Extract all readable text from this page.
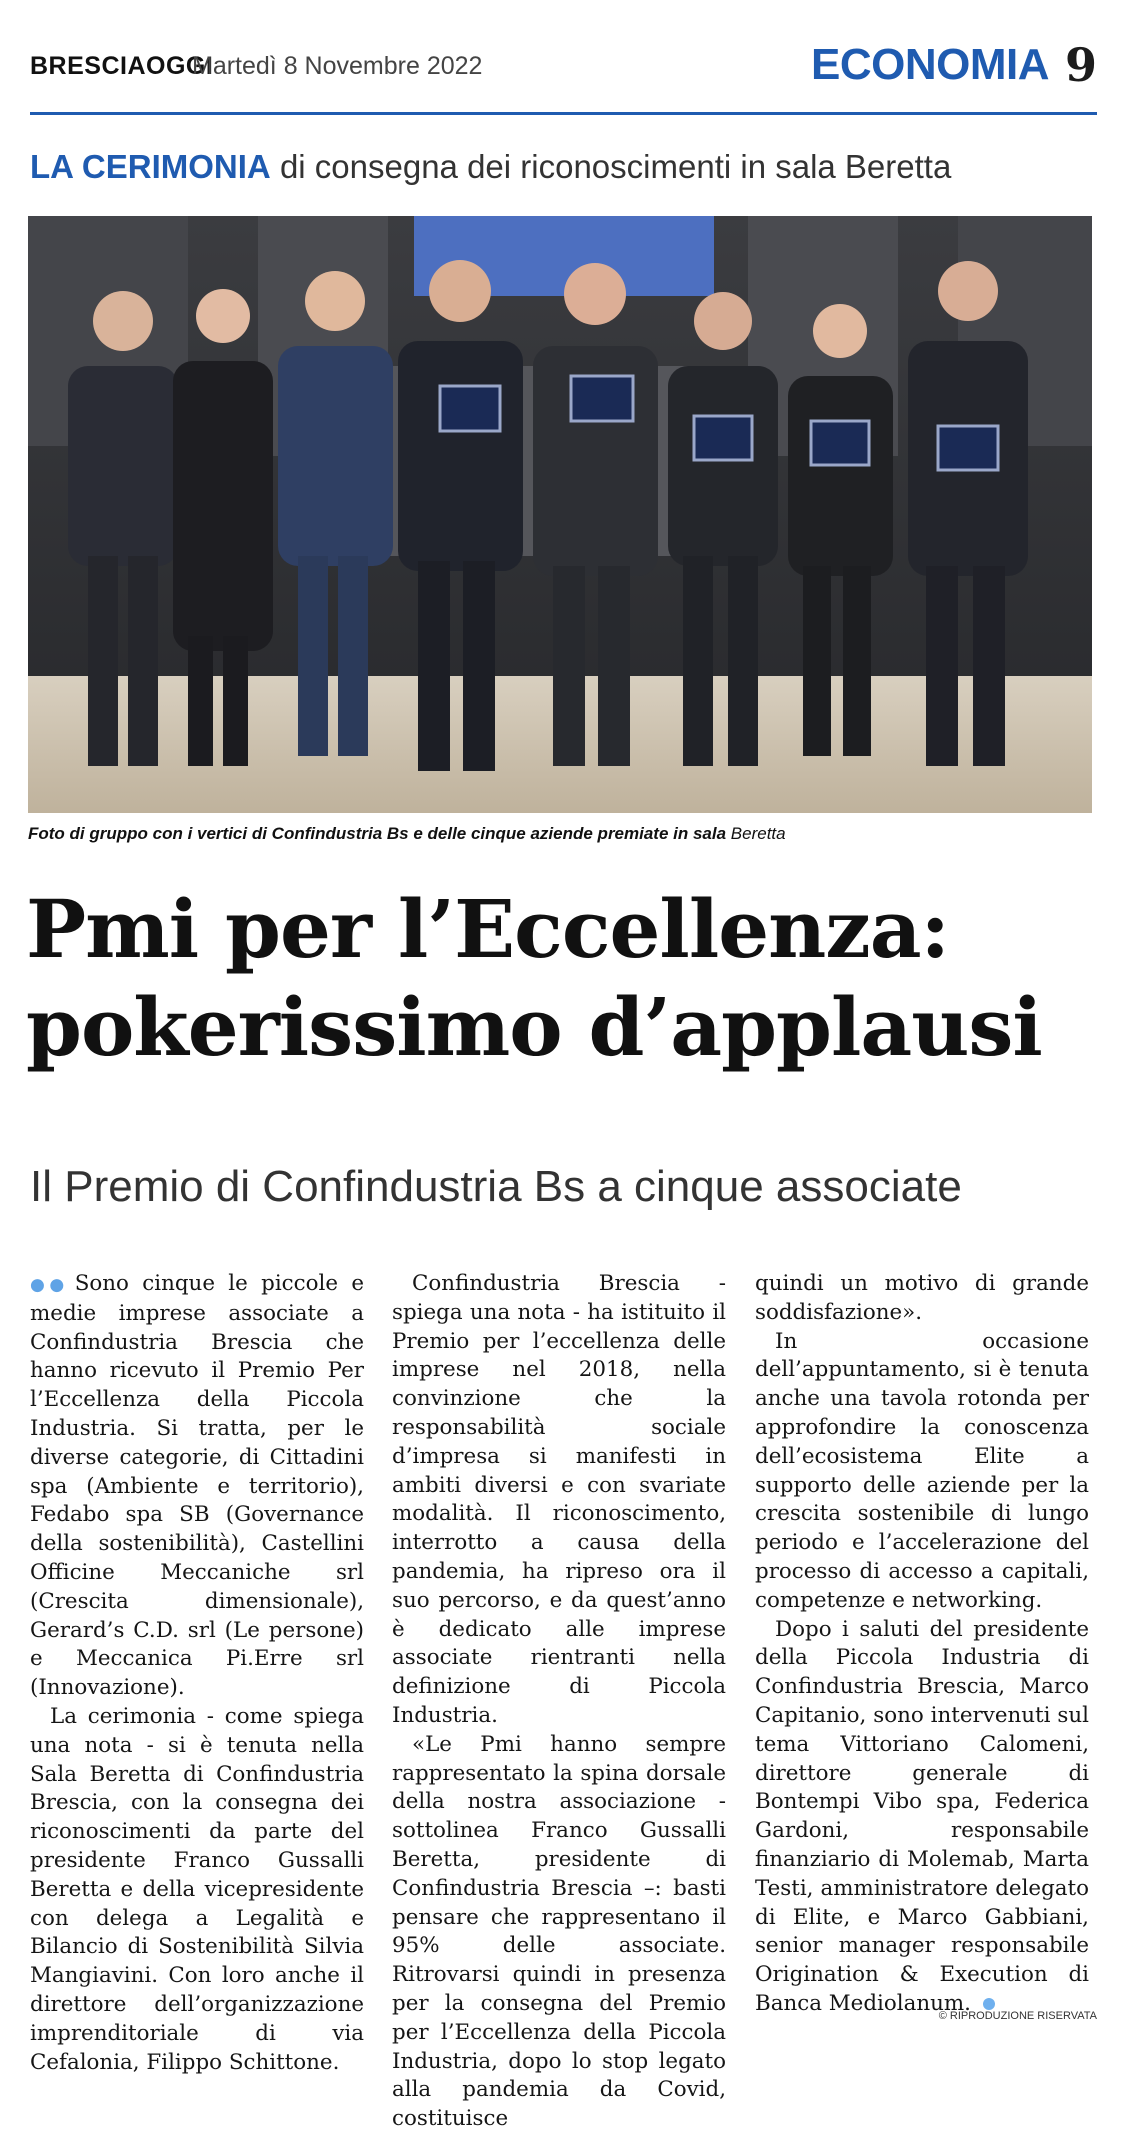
BRESCIAOGGI
Martedì 8 Novembre 2022	ECONOMIA 9
LA CERIMONIA di consegna dei riconoscimenti in sala Beretta
Foto di gruppo con i vertici di Confindustria Bs e delle cinque aziende premiate in sala Beretta
Pmi per l’Eccellenza:
pokerissimo d’applausi
Il Premio di Confindustria Bs a cinque associate

●● Sono cinque le piccole e medie imprese associate a Confindustria Brescia che hanno ricevuto il Premio Per l’Eccellenza della Piccola Industria. Si tratta, per le diverse categorie, di Cittadini spa (Ambiente e territorio), Fedabo spa SB (Governance della sostenibilità), Castellini Officine Meccaniche srl (Crescita dimensionale), Gerard’s C.D. srl (Le persone) e Meccanica Pi.Erre srl (Innovazione).

La cerimonia - come spiega una nota - si è tenuta nella Sala Beretta di Confindustria Brescia, con la consegna dei riconoscimenti da parte del presidente Franco Gussalli Beretta e della vicepresidente con delega a Legalità e Bilancio di Sostenibilità Silvia Mangiavini. Con loro anche il direttore dell’organizzazione imprenditoriale di via Cefalonia, Filippo Schittone.

Confindustria Brescia - spiega una nota - ha istituito il Premio per l’eccellenza delle imprese nel 2018, nella convinzione che la responsabilità sociale d’impresa si manifesti in ambiti diversi e con svariate modalità. Il riconoscimento, interrotto a causa della pandemia, ha ripreso ora il suo percorso, e da quest’anno è dedicato alle imprese associate rientranti nella definizione di Piccola Industria.

«Le Pmi hanno sempre rappresentato la spina dorsale della nostra associazione - sottolinea Franco Gussalli Beretta, presidente di Confindustria Brescia –: basti pensare che rappresentano il 95% delle associate. Ritrovarsi quindi in presenza per la consegna del Premio per l’Eccellenza della Piccola Industria, dopo lo stop legato alla pandemia da Covid, costituisce

quindi un motivo di grande soddisfazione».

In occasione dell’appuntamento, si è tenuta anche una tavola rotonda per approfondire la conoscenza dell’ecosistema Elite a supporto delle aziende per la crescita sostenibile di lungo periodo e l’accelerazione del processo di accesso a capitali, competenze e networking.

Dopo i saluti del presidente della Piccola Industria di Confindustria Brescia, Marco Capitanio, sono intervenuti sul tema Vittoriano Calomeni, direttore generale di Bontempi Vibo spa, Federica Gardoni, responsabile finanziario di Molemab, Marta Testi, amministratore delegato di Elite, e Marco Gabbiani, senior manager responsabile Origination & Execution di Banca Mediolanum.

© RIPRODUZIONE RISERVATA
